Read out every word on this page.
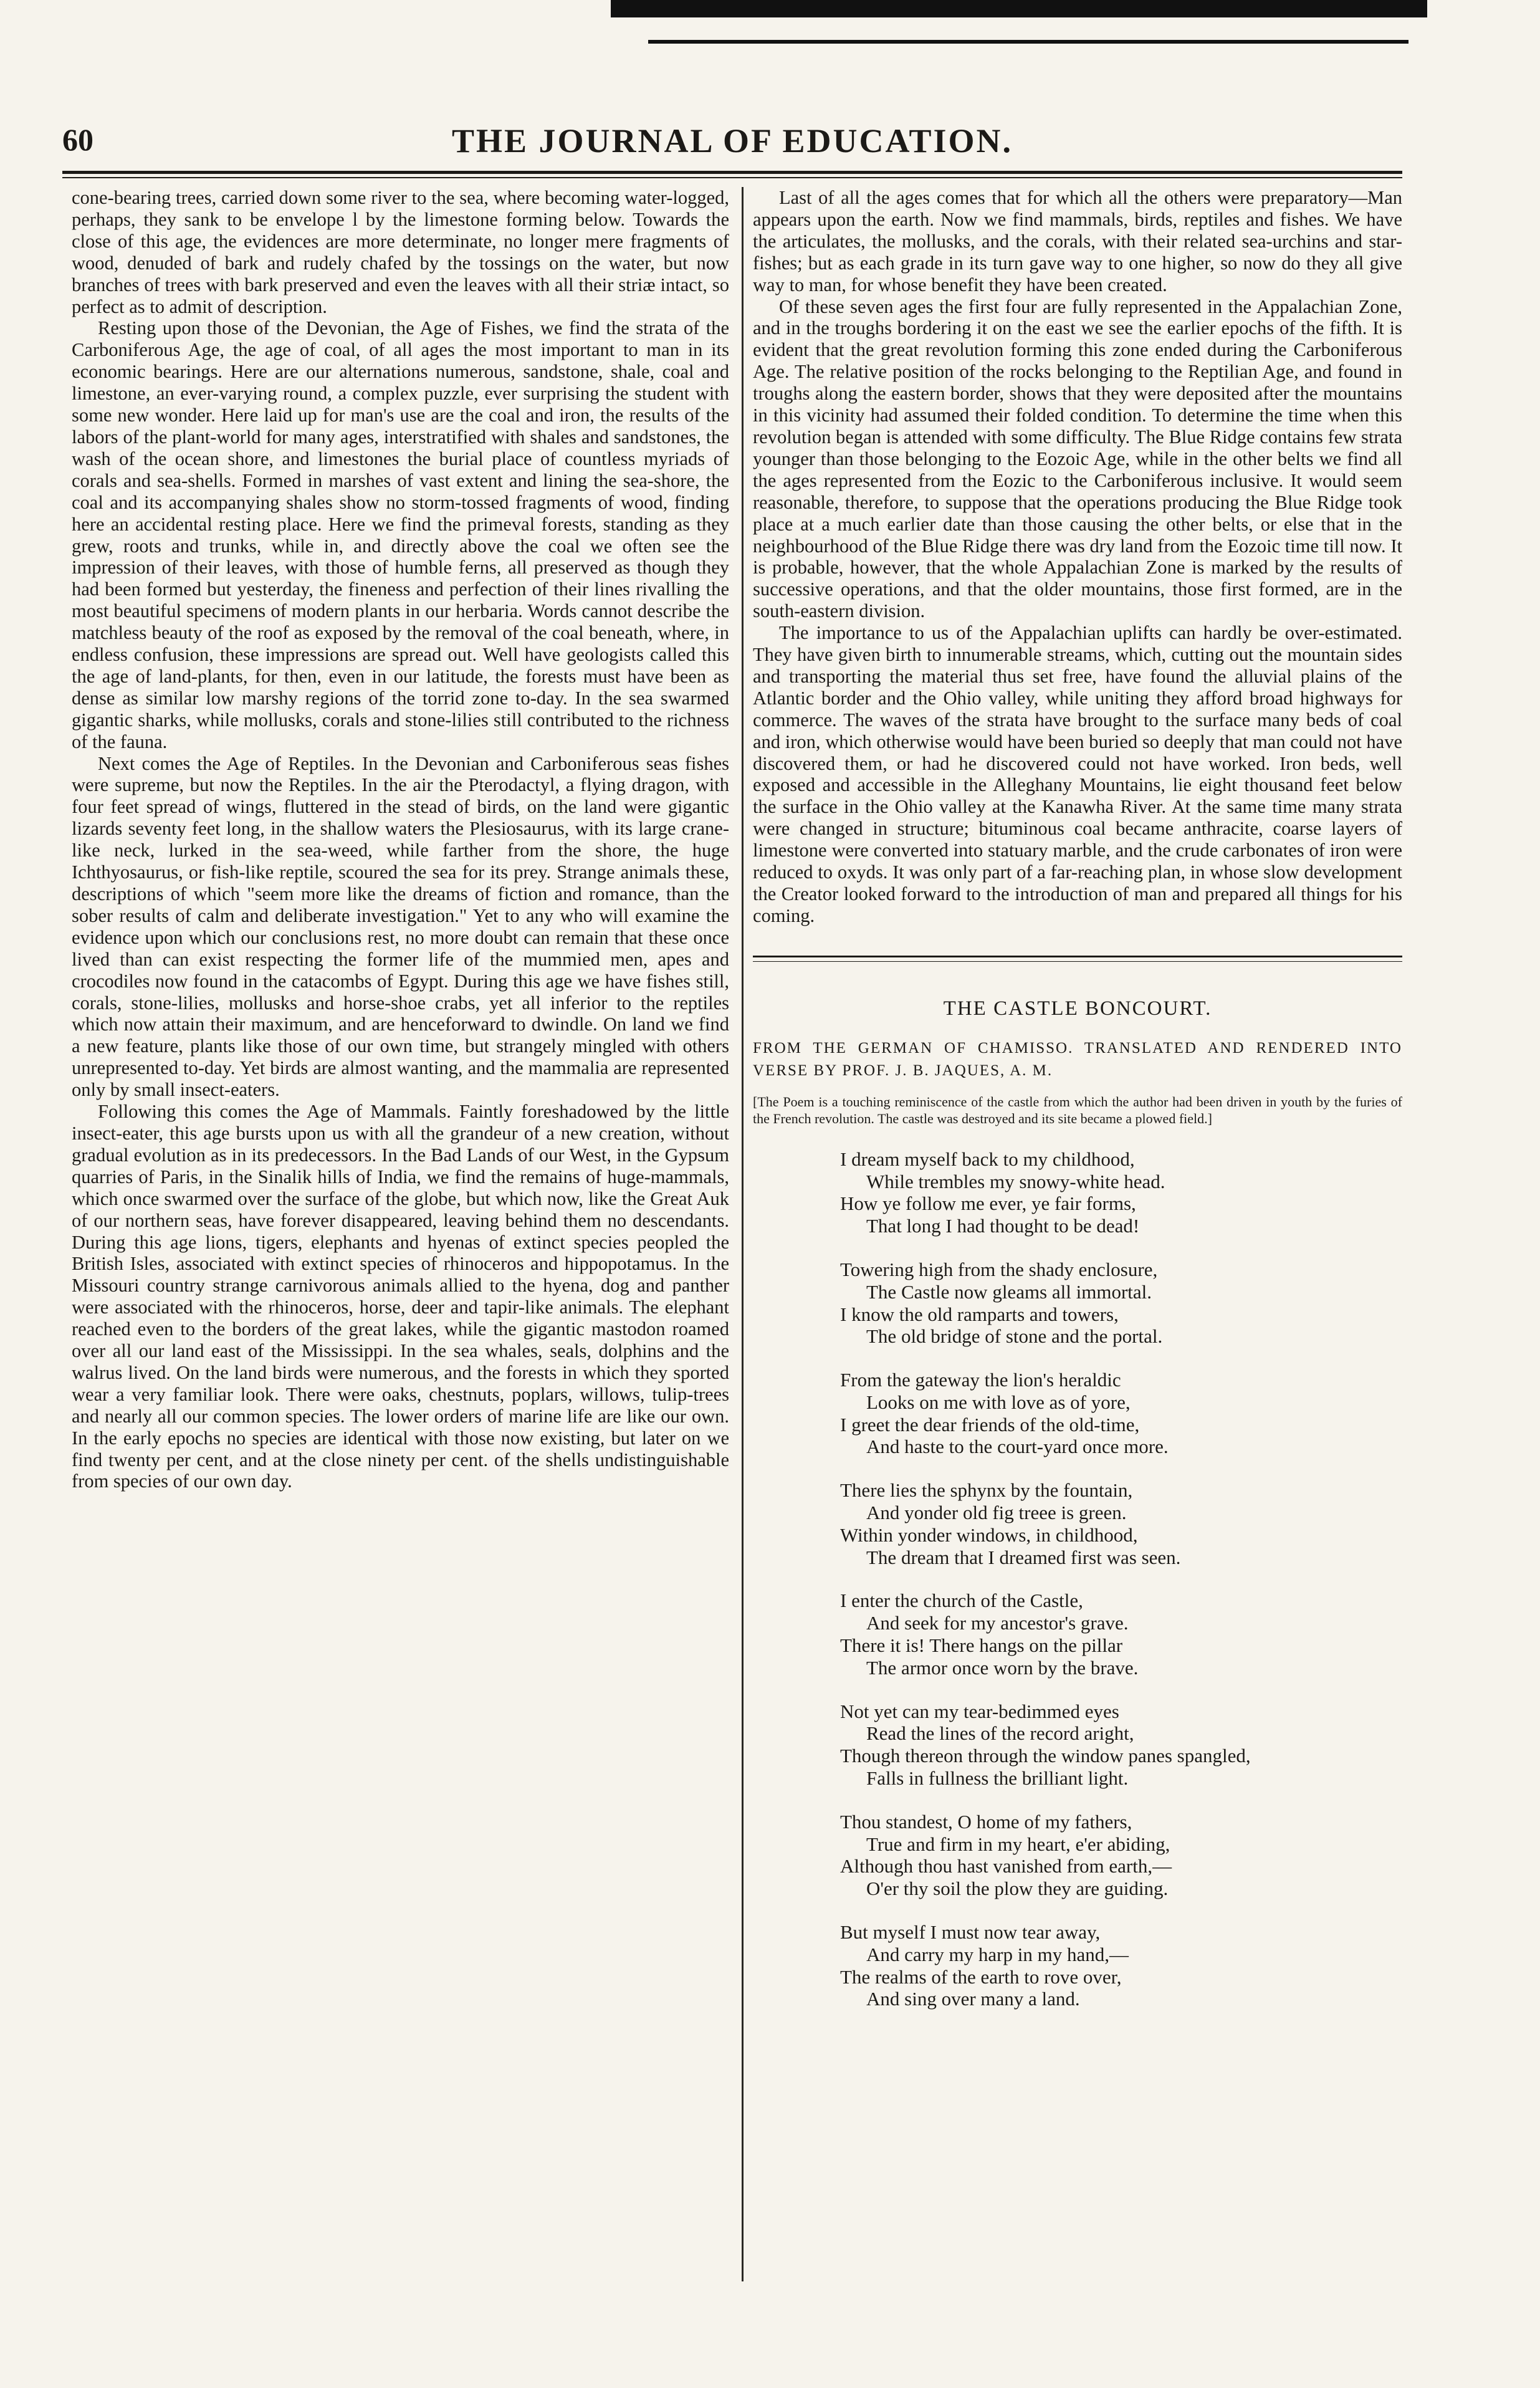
60	THE JOURNAL OF EDUCATION.

cone-bearing trees, carried down some river to the sea, where becoming water-logged, perhaps, they sank to be envelope l by the limestone forming below. Towards the close of this age, the evidences are more determinate, no longer mere fragments of wood, denuded of bark and rudely chafed by the tossings on the water, but now branches of trees with bark preserved and even the leaves with all their striæ intact, so perfect as to admit of description.

Resting upon those of the Devonian, the Age of Fishes, we find the strata of the Carboniferous Age, the age of coal, of all ages the most important to man in its economic bearings. Here are our alternations numerous, sandstone, shale, coal and limestone, an ever-varying round, a complex puzzle, ever surprising the student with some new wonder. Here laid up for man's use are the coal and iron, the results of the labors of the plant-world for many ages, interstratified with shales and sandstones, the wash of the ocean shore, and limestones the burial place of countless myriads of corals and sea-shells. Formed in marshes of vast extent and lining the sea-shore, the coal and its accompanying shales show no storm-tossed fragments of wood, finding here an accidental resting place. Here we find the primeval forests, standing as they grew, roots and trunks, while in, and directly above the coal we often see the impression of their leaves, with those of humble ferns, all preserved as though they had been formed but yesterday, the fineness and perfection of their lines rivalling the most beautiful specimens of modern plants in our herbaria. Words cannot describe the matchless beauty of the roof as exposed by the removal of the coal beneath, where, in endless confusion, these impressions are spread out. Well have geologists called this the age of land-plants, for then, even in our latitude, the forests must have been as dense as similar low marshy regions of the torrid zone to-day. In the sea swarmed gigantic sharks, while mollusks, corals and stone-lilies still contributed to the richness of the fauna.

Next comes the Age of Reptiles. In the Devonian and Carboniferous seas fishes were supreme, but now the Reptiles. In the air the Pterodactyl, a flying dragon, with four feet spread of wings, fluttered in the stead of birds, on the land were gigantic lizards seventy feet long, in the shallow waters the Plesiosaurus, with its large crane-like neck, lurked in the sea-weed, while farther from the shore, the huge Ichthyosaurus, or fish-like reptile, scoured the sea for its prey. Strange animals these, descriptions of which "seem more like the dreams of fiction and romance, than the sober results of calm and deliberate investigation." Yet to any who will examine the evidence upon which our conclusions rest, no more doubt can remain that these once lived than can exist respecting the former life of the mummied men, apes and crocodiles now found in the catacombs of Egypt. During this age we have fishes still, corals, stone-lilies, mollusks and horse-shoe crabs, yet all inferior to the reptiles which now attain their maximum, and are henceforward to dwindle. On land we find a new feature, plants like those of our own time, but strangely mingled with others unrepresented to-day. Yet birds are almost wanting, and the mammalia are represented only by small insect-eaters.

Following this comes the Age of Mammals. Faintly foreshadowed by the little insect-eater, this age bursts upon us with all the grandeur of a new creation, without gradual evolution as in its predecessors. In the Bad Lands of our West, in the Gypsum quarries of Paris, in the Sinalik hills of India, we find the remains of huge-mammals, which once swarmed over the surface of the globe, but which now, like the Great Auk of our northern seas, have forever disappeared, leaving behind them no descendants. During this age lions, tigers, elephants and hyenas of extinct species peopled the British Isles, associated with extinct species of rhinoceros and hippopotamus. In the Missouri country strange carnivorous animals allied to the hyena, dog and panther were associated with the rhinoceros, horse, deer and tapir-like animals. The elephant reached even to the borders of the great lakes, while the gigantic mastodon roamed over all our land east of the Mississippi. In the sea whales, seals, dolphins and the walrus lived. On the land birds were numerous, and the forests in which they sported wear a very familiar look. There were oaks, chestnuts, poplars, willows, tulip-trees and nearly all our common species. The lower orders of marine life are like our own. In the early epochs no species are identical with those now existing, but later on we find twenty per cent, and at the close ninety per cent. of the shells undistinguishable from species of our own day.

Last of all the ages comes that for which all the others were preparatory—Man appears upon the earth. Now we find mammals, birds, reptiles and fishes. We have the articulates, the mollusks, and the corals, with their related sea-urchins and star-fishes; but as each grade in its turn gave way to one higher, so now do they all give way to man, for whose benefit they have been created.

Of these seven ages the first four are fully represented in the Appalachian Zone, and in the troughs bordering it on the east we see the earlier epochs of the fifth. It is evident that the great revolution forming this zone ended during the Carboniferous Age. The relative position of the rocks belonging to the Reptilian Age, and found in troughs along the eastern border, shows that they were deposited after the mountains in this vicinity had assumed their folded condition. To determine the time when this revolution began is attended with some difficulty. The Blue Ridge contains few strata younger than those belonging to the Eozoic Age, while in the other belts we find all the ages represented from the Eozic to the Carboniferous inclusive. It would seem reasonable, therefore, to suppose that the operations producing the Blue Ridge took place at a much earlier date than those causing the other belts, or else that in the neighbourhood of the Blue Ridge there was dry land from the Eozoic time till now. It is probable, however, that the whole Appalachian Zone is marked by the results of successive operations, and that the older mountains, those first formed, are in the south-eastern division.

The importance to us of the Appalachian uplifts can hardly be over-estimated. They have given birth to innumerable streams, which, cutting out the mountain sides and transporting the material thus set free, have found the alluvial plains of the Atlantic border and the Ohio valley, while uniting they afford broad highways for commerce. The waves of the strata have brought to the surface many beds of coal and iron, which otherwise would have been buried so deeply that man could not have discovered them, or had he discovered could not have worked. Iron beds, well exposed and accessible in the Alleghany Mountains, lie eight thousand feet below the surface in the Ohio valley at the Kanawha River. At the same time many strata were changed in structure; bituminous coal became anthracite, coarse layers of limestone were converted into statuary marble, and the crude carbonates of iron were reduced to oxyds. It was only part of a far-reaching plan, in whose slow development the Creator looked forward to the introduction of man and prepared all things for his coming.

THE CASTLE BONCOURT.
FROM THE GERMAN OF CHAMISSO. TRANSLATED AND RENDERED INTO VERSE BY PROF. J. B. JAQUES, A. M.
[The Poem is a touching reminiscence of the castle from which the author had been driven in youth by the furies of the French revolution. The castle was destroyed and its site became a plowed field.]
I dream myself back to my childhood,
While trembles my snowy-white head.
How ye follow me ever, ye fair forms,
That long I had thought to be dead!
Towering high from the shady enclosure,
The Castle now gleams all immortal.
I know the old ramparts and towers,
The old bridge of stone and the portal.
From the gateway the lion's heraldic
Looks on me with love as of yore,
I greet the dear friends of the old-time,
And haste to the court-yard once more.
There lies the sphynx by the fountain,
And yonder old fig treee is green.
Within yonder windows, in childhood,
The dream that I dreamed first was seen.
I enter the church of the Castle,
And seek for my ancestor's grave.
There it is! There hangs on the pillar
The armor once worn by the brave.
Not yet can my tear-bedimmed eyes
Read the lines of the record aright,
Though thereon through the window panes spangled,
Falls in fullness the brilliant light.
Thou standest, O home of my fathers,
True and firm in my heart, e'er abiding,
Although thou hast vanished from earth,—
O'er thy soil the plow they are guiding.
But myself I must now tear away,
And carry my harp in my hand,—
The realms of the earth to rove over,
And sing over many a land.
